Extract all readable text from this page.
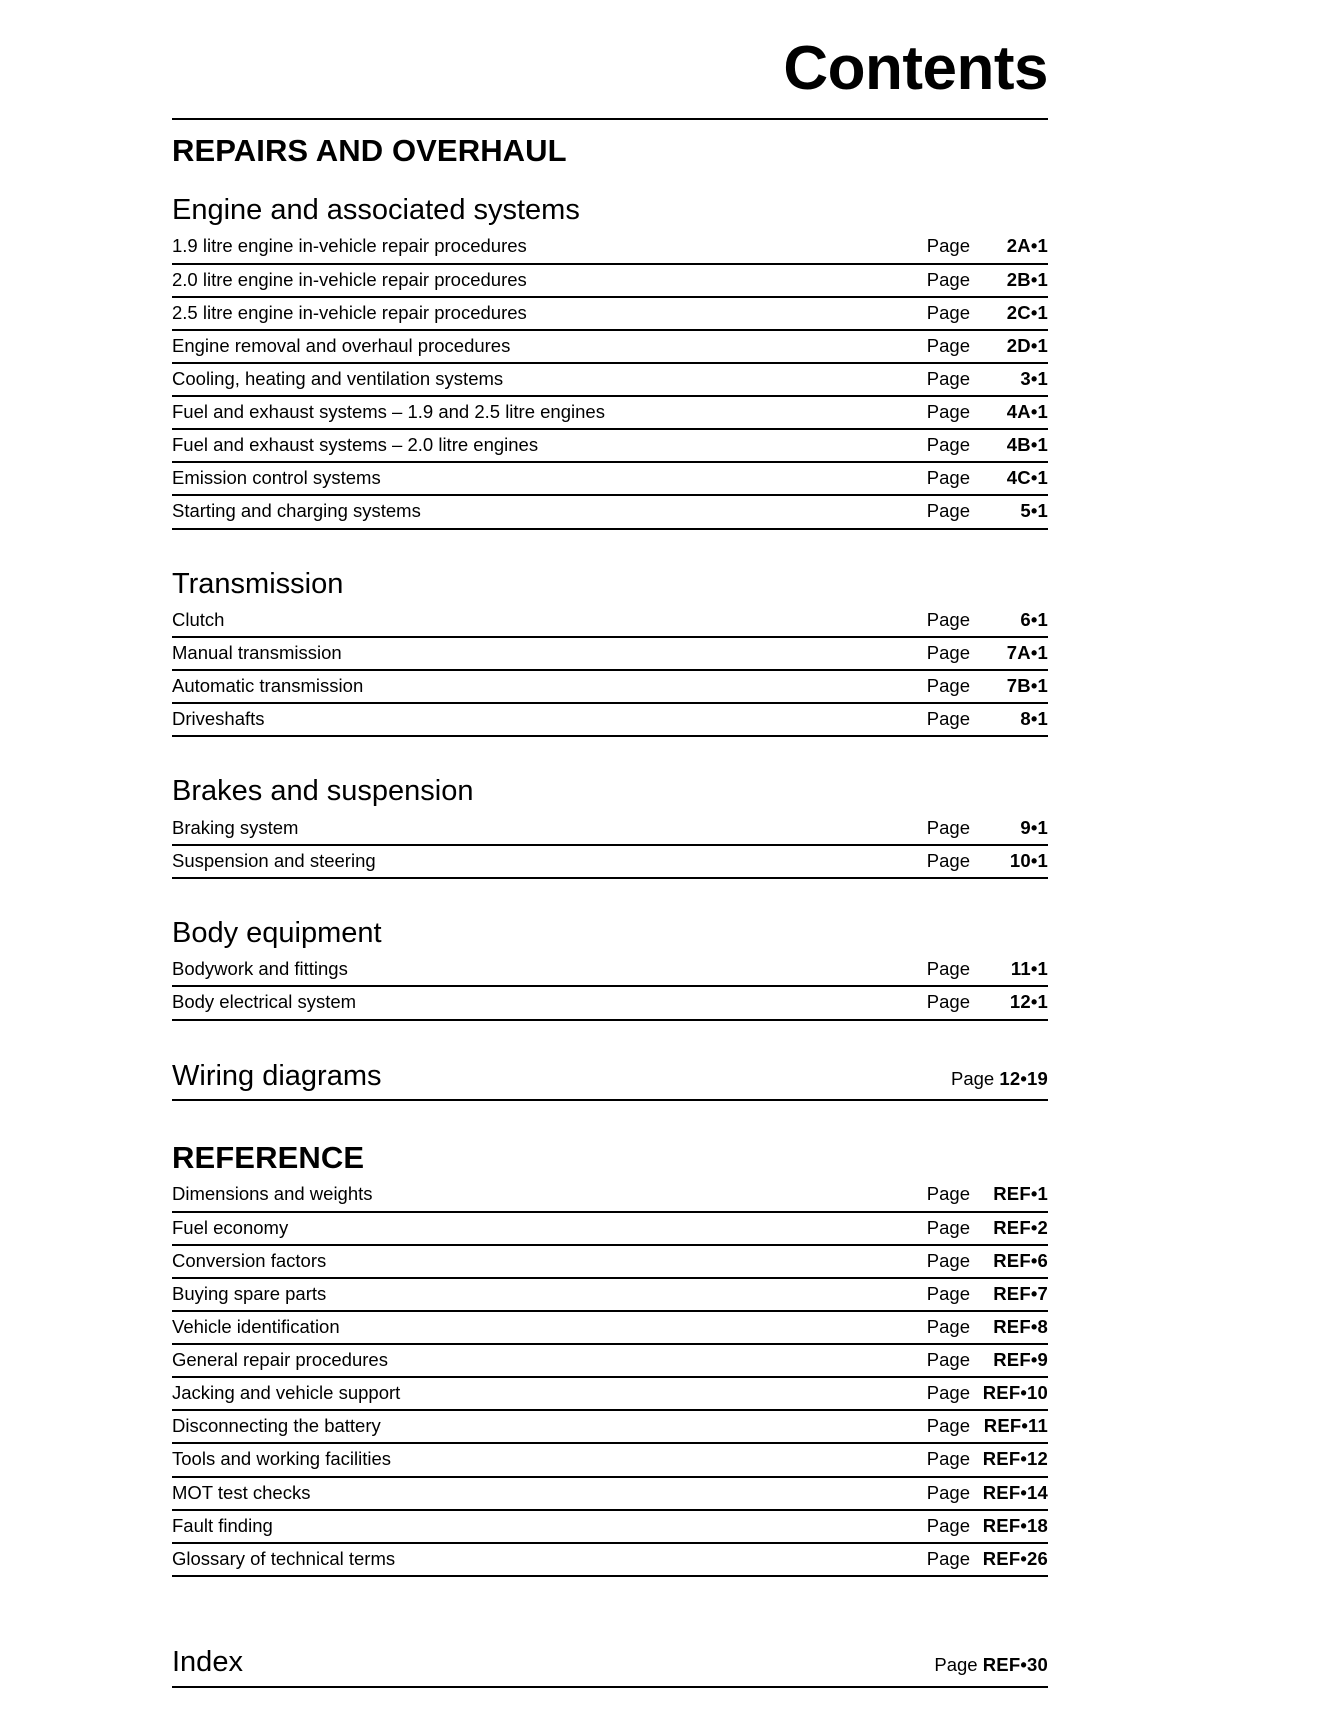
Contents
REPAIRS AND OVERHAUL
Engine and associated systems
1.9 litre engine in-vehicle repair procedures	Page	2A•1
2.0 litre engine in-vehicle repair procedures	Page	2B•1
2.5 litre engine in-vehicle repair procedures	Page	2C•1
Engine removal and overhaul procedures	Page	2D•1
Cooling, heating and ventilation systems	Page	3•1
Fuel and exhaust systems – 1.9 and 2.5 litre engines	Page	4A•1
Fuel and exhaust systems – 2.0 litre engines	Page	4B•1
Emission control systems	Page	4C•1
Starting and charging systems	Page	5•1
Transmission
Clutch	Page	6•1
Manual transmission	Page	7A•1
Automatic transmission	Page	7B•1
Driveshafts	Page	8•1
Brakes and suspension
Braking system	Page	9•1
Suspension and steering	Page	10•1
Body equipment
Bodywork and fittings	Page	11•1
Body electrical system	Page	12•1
Wiring diagrams	Page 12•19
REFERENCE
Dimensions and weights	Page	REF•1
Fuel economy	Page	REF•2
Conversion factors	Page	REF•6
Buying spare parts	Page	REF•7
Vehicle identification	Page	REF•8
General repair procedures	Page	REF•9
Jacking and vehicle support	Page REF•10
Disconnecting the battery	Page REF•11
Tools and working facilities	Page REF•12
MOT test checks	Page REF•14
Fault finding	Page REF•18
Glossary of technical terms	Page REF•26
Index	Page REF•30
